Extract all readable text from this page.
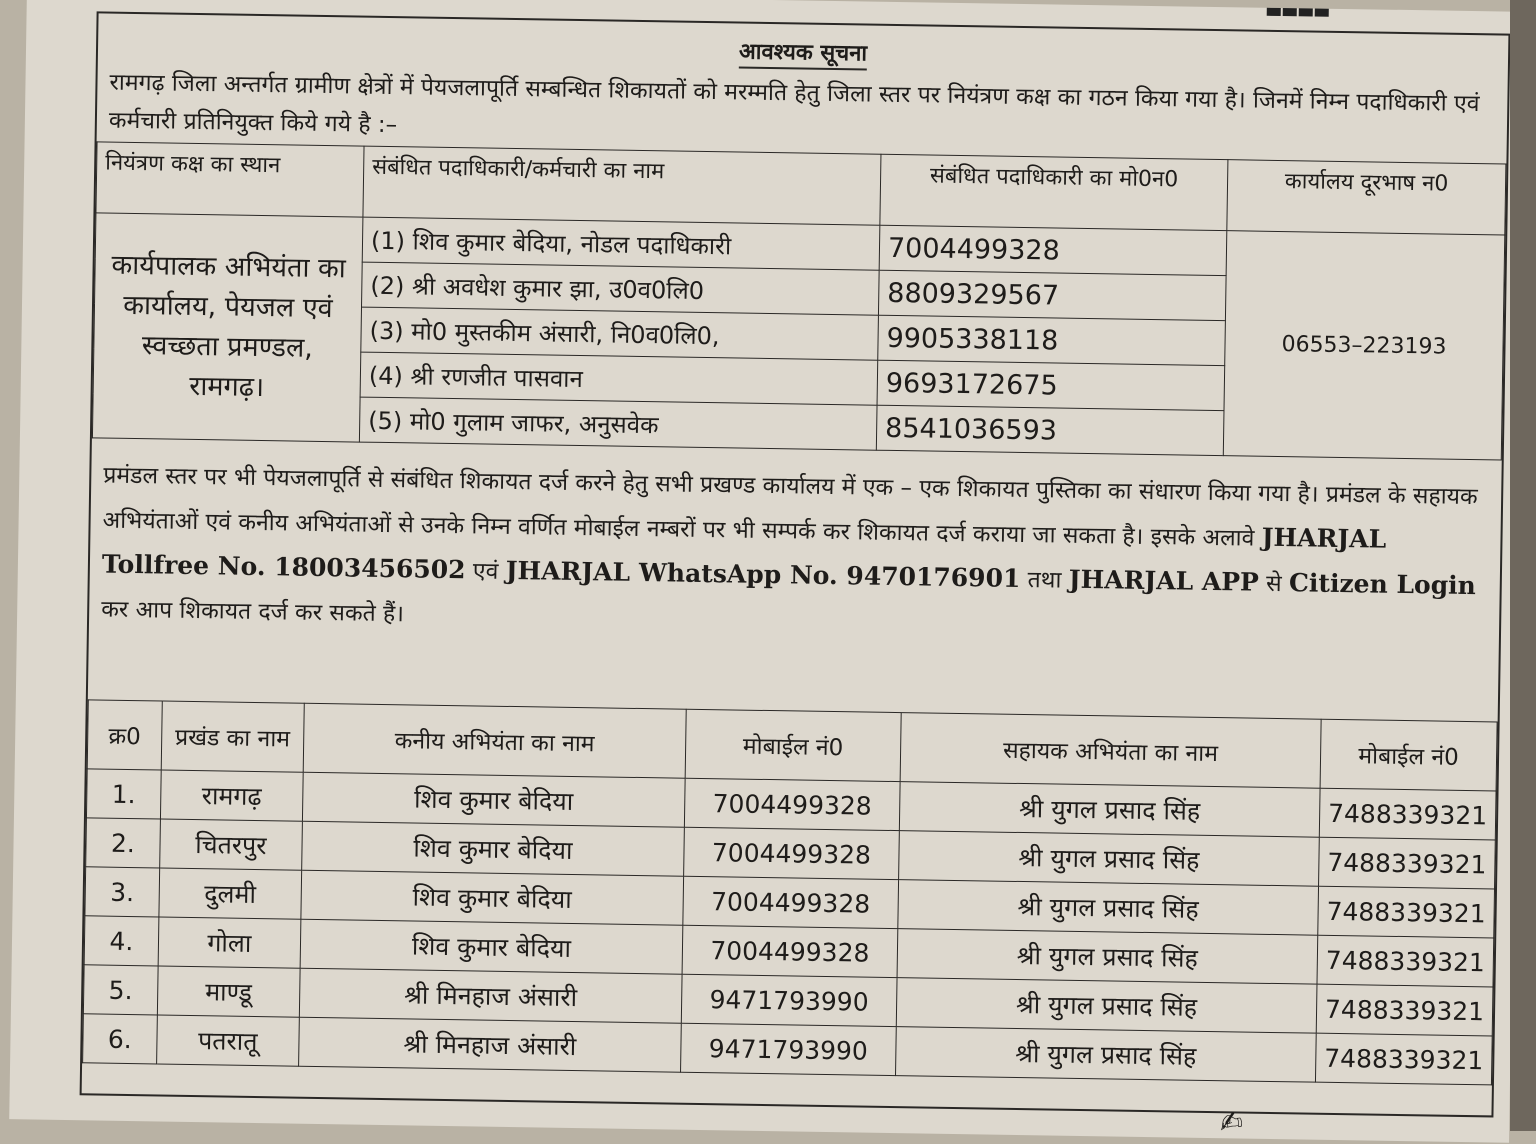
आवश्यक सूचना
रामगढ़ जिला अन्तर्गत ग्रामीण क्षेत्रों में पेयजलापूर्ति सम्बन्धित शिकायतों को मरम्मति हेतु जिला स्तर पर नियंत्रण कक्ष का गठन किया गया है। जिनमें निम्न पदाधिकारी एवं कर्मचारी प्रतिनियुक्त किये गये है :–
नियंत्रण कक्ष का स्थान	संबंधित पदाधिकारी/कर्मचारी का नाम	संबंधित पदाधिकारी का मो0न0	कार्यालय दूरभाष न0
कार्यपालक अभियंता का कार्यालय, पेयजल एवं स्वच्छता प्रमण्डल, रामगढ़।	(1) शिव कुमार बेदिया, नोडल पदाधिकारी	7004499328	06553–223193
	(2) श्री अवधेश कुमार झा, उ0व0लि0	8809329567	
	(3) मो0 मुस्तकीम अंसारी, नि0व0लि0,	9905338118	
	(4) श्री रणजीत पासवान	9693172675	
	(5) मो0 गुलाम जाफर, अनुसवेक	8541036593	
प्रमंडल स्तर पर भी पेयजलापूर्ति से संबंधित शिकायत दर्ज करने हेतु सभी प्रखण्ड कार्यालय में एक – एक शिकायत पुस्तिका का संधारण किया गया है। प्रमंडल के सहायक अभियंताओं एवं कनीय अभियंताओं से उनके निम्न वर्णित मोबाईल नम्बरों पर भी सम्पर्क कर शिकायत दर्ज कराया जा सकता है। इसके अलावे JHARJAL Tollfree No. 18003456502 एवं JHARJAL WhatsApp No. 9470176901 तथा JHARJAL APP से Citizen Login कर आप शिकायत दर्ज कर सकते हैं।
क्र0	प्रखंड का नाम	कनीय अभियंता का नाम	मोबाईल नं0	सहायक अभियंता का नाम	मोबाईल नं0
1.	रामगढ़	शिव कुमार बेदिया	7004499328	श्री युगल प्रसाद सिंह	7488339321
2.	चितरपुर	शिव कुमार बेदिया	7004499328	श्री युगल प्रसाद सिंह	7488339321
3.	दुलमी	शिव कुमार बेदिया	7004499328	श्री युगल प्रसाद सिंह	7488339321
4.	गोला	शिव कुमार बेदिया	7004499328	श्री युगल प्रसाद सिंह	7488339321
5.	माण्डू	श्री मिनहाज अंसारी	9471793990	श्री युगल प्रसाद सिंह	7488339321
6.	पतरातू	श्री मिनहाज अंसारी	9471793990	श्री युगल प्रसाद सिंह	7488339321
✍
